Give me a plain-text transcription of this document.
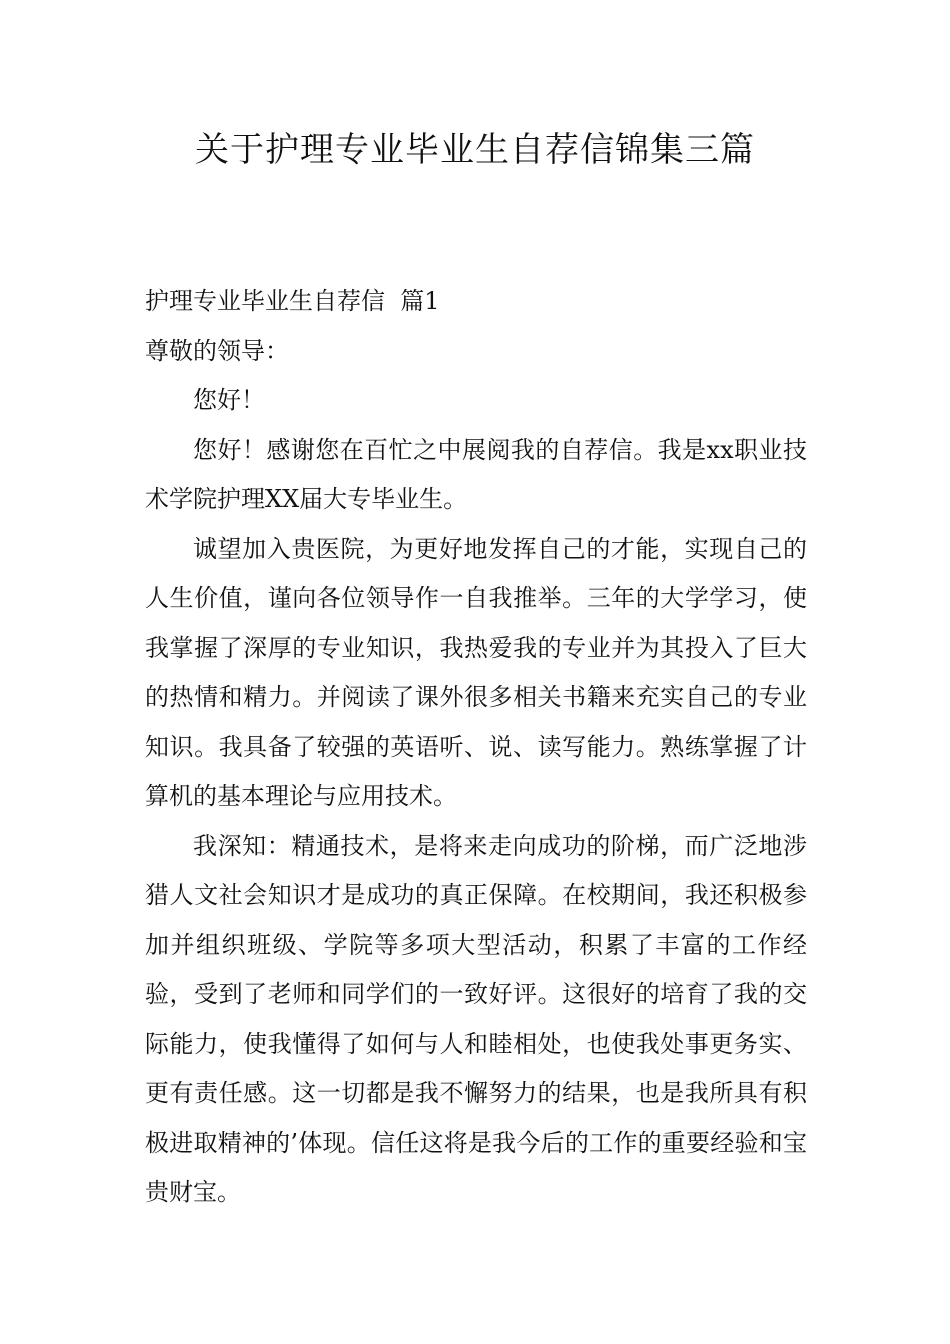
关于护理专业毕业生自荐信锦集三篇

护理专业毕业生自荐信  篇1

尊敬的领导：

您好！

您好！感谢您在百忙之中展阅我的自荐信。我是xx职业技术学院护理XX届大专毕业生。

诚望加入贵医院，为更好地发挥自己的才能，实现自己的人生价值，谨向各位领导作一自我推举。三年的大学学习，使我掌握了深厚的专业知识，我热爱我的专业并为其投入了巨大的热情和精力。并阅读了课外很多相关书籍来充实自己的专业知识。我具备了较强的英语听、说、读写能力。熟练掌握了计算机的基本理论与应用技术。

我深知：精通技术，是将来走向成功的阶梯，而广泛地涉猎人文社会知识才是成功的真正保障。在校期间，我还积极参加并组织班级、学院等多项大型活动，积累了丰富的工作经验，受到了老师和同学们的一致好评。这很好的培育了我的交际能力，使我懂得了如何与人和睦相处，也使我处事更务实、更有责任感。这一切都是我不懈努力的结果，也是我所具有积极进取精神的’体现。信任这将是我今后的工作的重要经验和宝贵财宝。
